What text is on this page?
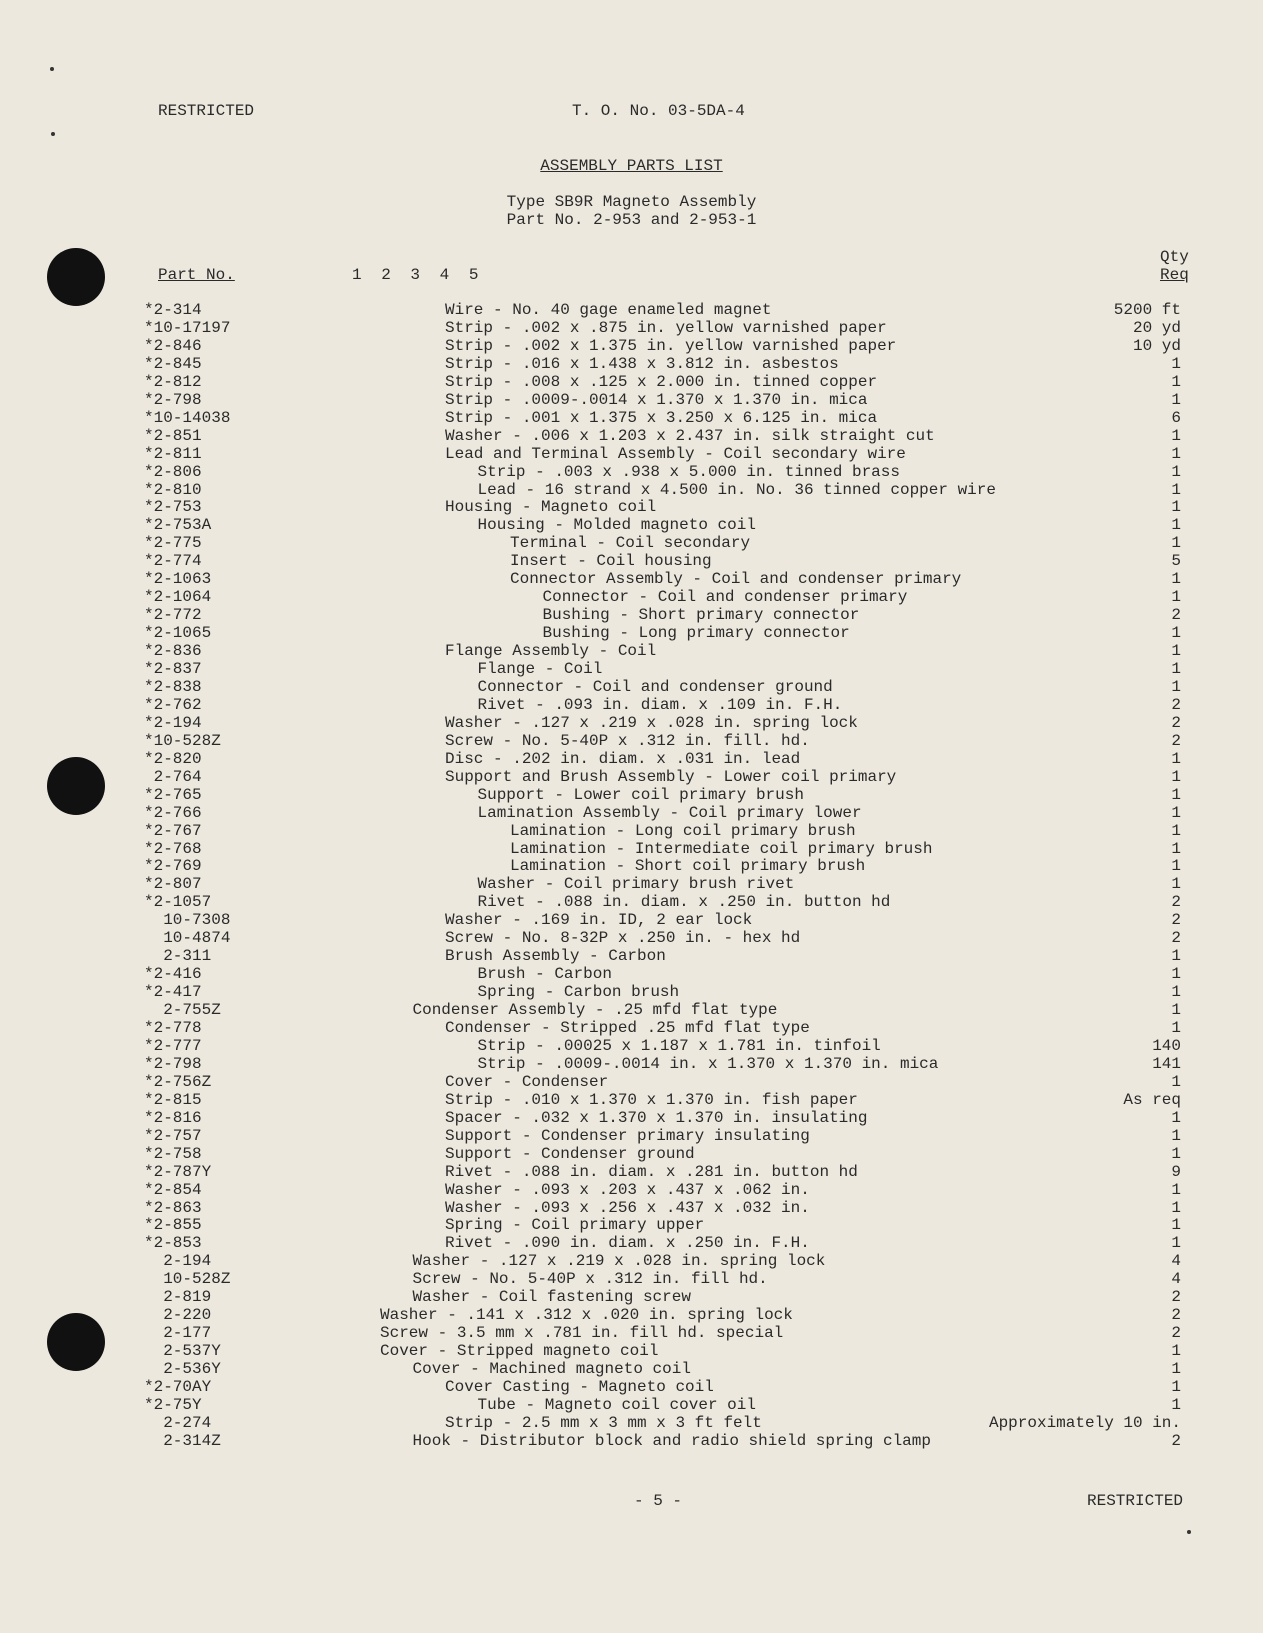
RESTRICTED	T. O. No. 03-5DA-4
ASSEMBLY PARTS LIST
Type SB9R Magneto Assembly
Part No. 2-953 and 2-953-1
Part No.	1 2 3 4 5
Qty
Req
*2-314	Wire - No. 40 gage enameled magnet	5200 ft
*10-17197	Strip - .002 x .875 in. yellow varnished paper	20 yd
*2-846	Strip - .002 x 1.375 in. yellow varnished paper	10 yd
*2-845	Strip - .016 x 1.438 x 3.812 in. asbestos	1
*2-812	Strip - .008 x .125 x 2.000 in. tinned copper	1
*2-798	Strip - .0009-.0014 x 1.370 x 1.370 in. mica	1
*10-14038	Strip - .001 x 1.375 x 3.250 x 6.125 in. mica	6
*2-851	Washer - .006 x 1.203 x 2.437 in. silk straight cut	1
*2-811	Lead and Terminal Assembly - Coil secondary wire	1
*2-806	Strip - .003 x .938 x 5.000 in. tinned brass	1
*2-810	Lead - 16 strand x 4.500 in. No. 36 tinned copper wire	1
*2-753	Housing - Magneto coil	1
*2-753A	Housing - Molded magneto coil	1
*2-775	Terminal - Coil secondary	1
*2-774	Insert - Coil housing	5
*2-1063	Connector Assembly - Coil and condenser primary	1
*2-1064	Connector - Coil and condenser primary	1
*2-772	Bushing - Short primary connector	2
*2-1065	Bushing - Long primary connector	1
*2-836	Flange Assembly - Coil	1
*2-837	Flange - Coil	1
*2-838	Connector - Coil and condenser ground	1
*2-762	Rivet - .093 in. diam. x .109 in. F.H.	2
*2-194	Washer - .127 x .219 x .028 in. spring lock	2
*10-528Z	Screw - No. 5-40P x .312 in. fill. hd.	2
*2-820	Disc - .202 in. diam. x .031 in. lead	1
2-764	Support and Brush Assembly - Lower coil primary	1
*2-765	Support - Lower coil primary brush	1
*2-766	Lamination Assembly - Coil primary lower	1
*2-767	Lamination - Long coil primary brush	1
*2-768	Lamination - Intermediate coil primary brush	1
*2-769	Lamination - Short coil primary brush	1
*2-807	Washer - Coil primary brush rivet	1
*2-1057	Rivet - .088 in. diam. x .250 in. button hd	2
10-7308	Washer - .169 in. ID, 2 ear lock	2
10-4874	Screw - No. 8-32P x .250 in. - hex hd	2
2-311	Brush Assembly - Carbon	1
*2-416	Brush - Carbon	1
*2-417	Spring - Carbon brush	1
2-755Z	Condenser Assembly - .25 mfd flat type	1
*2-778	Condenser - Stripped .25 mfd flat type	1
*2-777	Strip - .00025 x 1.187 x 1.781 in. tinfoil	140
*2-798	Strip - .0009-.0014 in. x 1.370 x 1.370 in. mica	141
*2-756Z	Cover - Condenser	1
*2-815	Strip - .010 x 1.370 x 1.370 in. fish paper	As req
*2-816	Spacer - .032 x 1.370 x 1.370 in. insulating	1
*2-757	Support - Condenser primary insulating	1
*2-758	Support - Condenser ground	1
*2-787Y	Rivet - .088 in. diam. x .281 in. button hd	9
*2-854	Washer - .093 x .203 x .437 x .062 in.	1
*2-863	Washer - .093 x .256 x .437 x .032 in.	1
*2-855	Spring - Coil primary upper	1
*2-853	Rivet - .090 in. diam. x .250 in. F.H.	1
2-194	Washer - .127 x .219 x .028 in. spring lock	4
10-528Z	Screw - No. 5-40P x .312 in. fill hd.	4
2-819	Washer - Coil fastening screw	2
2-220	Washer - .141 x .312 x .020 in. spring lock	2
2-177	Screw - 3.5 mm x .781 in. fill hd. special	2
2-537Y	Cover - Stripped magneto coil	1
2-536Y	Cover - Machined magneto coil	1
*2-70AY	Cover Casting - Magneto coil	1
*2-75Y	Tube - Magneto coil cover oil	1
2-274	Strip - 2.5 mm x 3 mm x 3 ft felt	Approximately 10 in.
2-314Z	Hook - Distributor block and radio shield spring clamp	2
- 5 -	RESTRICTED
